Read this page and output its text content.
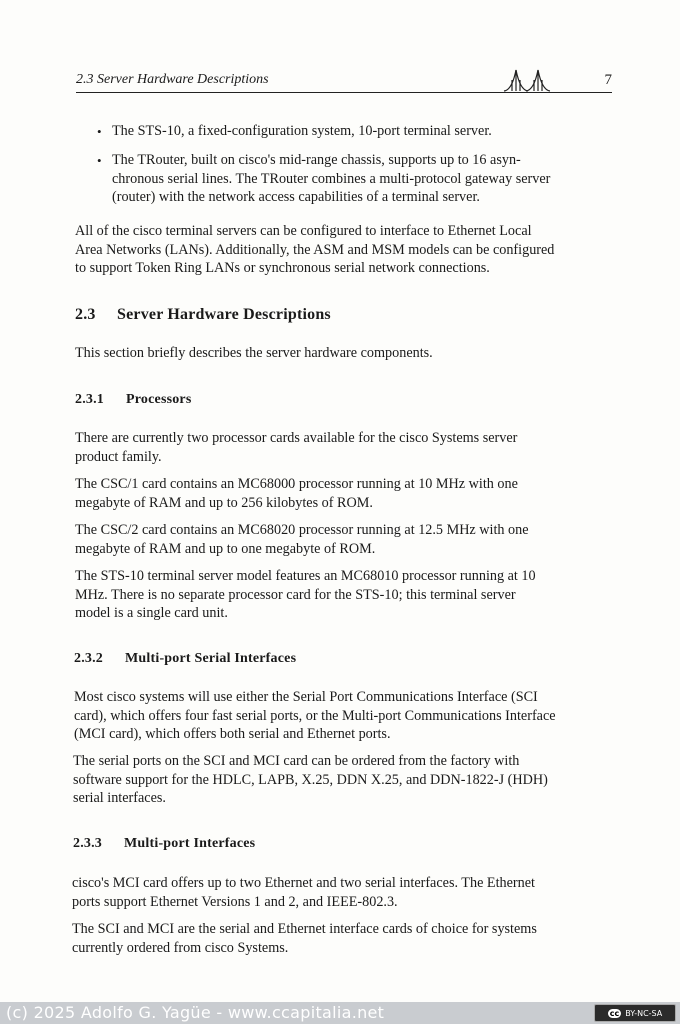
2.3 Server Hardware Descriptions	7
• The STS-10, a fixed-configuration system, 10-port terminal server.
• The TRouter, built on cisco's mid-range chassis, supports up to 16 asyn-
chronous serial lines. The TRouter combines a multi-protocol gateway server
(router) with the network access capabilities of a terminal server.
All of the cisco terminal servers can be configured to interface to Ethernet Local
Area Networks (LANs). Additionally, the ASM and MSM models can be configured
to support Token Ring LANs or synchronous serial network connections.
2.3 Server Hardware Descriptions
This section briefly describes the server hardware components.
2.3.1 Processors
There are currently two processor cards available for the cisco Systems server
product family.
The CSC/1 card contains an MC68000 processor running at 10 MHz with one
megabyte of RAM and up to 256 kilobytes of ROM.
The CSC/2 card contains an MC68020 processor running at 12.5 MHz with one
megabyte of RAM and up to one megabyte of ROM.
The STS-10 terminal server model features an MC68010 processor running at 10
MHz. There is no separate processor card for the STS-10; this terminal server
model is a single card unit.
2.3.2 Multi-port Serial Interfaces
Most cisco systems will use either the Serial Port Communications Interface (SCI
card), which offers four fast serial ports, or the Multi-port Communications Interface
(MCI card), which offers both serial and Ethernet ports.
The serial ports on the SCI and MCI card can be ordered from the factory with
software support for the HDLC, LAPB, X.25, DDN X.25, and DDN-1822-J (HDH)
serial interfaces.
2.3.3 Multi-port Interfaces
cisco's MCI card offers up to two Ethernet and two serial interfaces. The Ethernet
ports support Ethernet Versions 1 and 2, and IEEE-802.3.
The SCI and MCI are the serial and Ethernet interface cards of choice for systems
currently ordered from cisco Systems.
(c) 2025 Adolfo G. Yagüe - www.ccapitalia.net	cc BY-NC-SA
